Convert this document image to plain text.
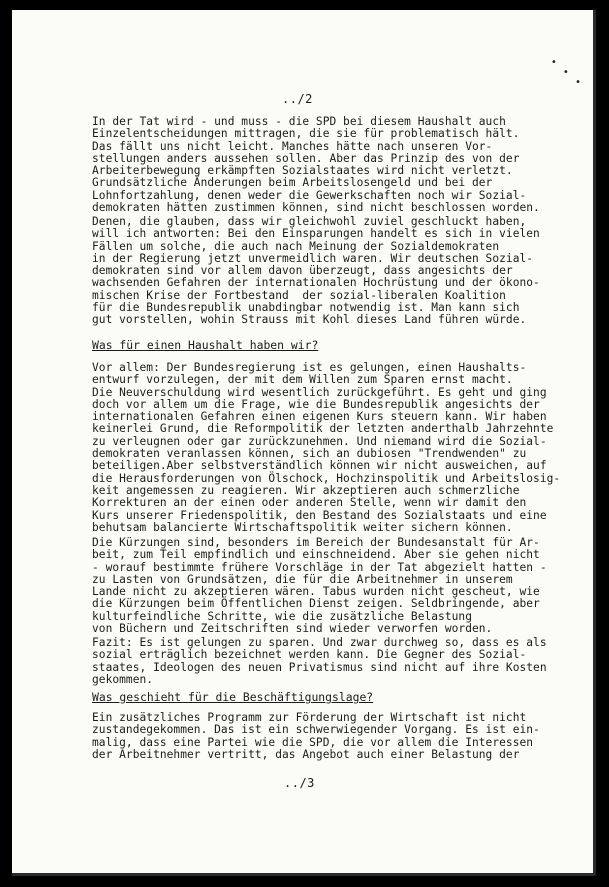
•
•
•
../2
In der Tat wird - und muss - die SPD bei diesem Haushalt auch
Einzelentscheidungen mittragen, die sie für problematisch hält.
Das fällt uns nicht leicht. Manches hätte nach unseren Vor-
stellungen anders aussehen sollen. Aber das Prinzip des von der
Arbeiterbewegung erkämpften Sozialstaates wird nicht verletzt.
Grundsätzliche Änderungen beim Arbeitslosengeld und bei der
Lohnfortzahlung, denen weder die Gewerkschaften noch wir Sozial-
demokraten hätten zustimmen können, sind nicht beschlossen worden.
Denen, die glauben, dass wir gleichwohl zuviel geschluckt haben,
will ich antworten: Bei den Einsparungen handelt es sich in vielen
Fällen um solche, die auch nach Meinung der Sozialdemokraten
in der Regierung jetzt unvermeidlich waren. Wir deutschen Sozial-
demokraten sind vor allem davon überzeugt, dass angesichts der
wachsenden Gefahren der internationalen Hochrüstung und der ökono-
mischen Krise der Fortbestand  der sozial-liberalen Koalition
für die Bundesrepublik unabdingbar notwendig ist. Man kann sich
gut vorstellen, wohin Strauss mit Kohl dieses Land führen würde.
Was für einen Haushalt haben wir?
Vor allem: Der Bundesregierung ist es gelungen, einen Haushalts-
entwurf vorzulegen, der mit dem Willen zum Sparen ernst macht.
Die Neuverschuldung wird wesentlich zurückgeführt. Es geht und ging
doch vor allem um die Frage, wie die Bundesrepublik angesichts der
internationalen Gefahren einen eigenen Kurs steuern kann. Wir haben
keinerlei Grund, die Reformpolitik der letzten anderthalb Jahrzehnte
zu verleugnen oder gar zurückzunehmen. Und niemand wird die Sozial-
demokraten veranlassen können, sich an dubiosen "Trendwenden" zu
beteiligen.Aber selbstverständlich können wir nicht ausweichen, auf
die Herausforderungen von Ölschock, Hochzinspolitik und Arbeitslosig-
keit angemessen zu reagieren. Wir akzeptieren auch schmerzliche
Korrekturen an der einen oder anderen Stelle, wenn wir damit den
Kurs unserer Friedenspolitik, den Bestand des Sozialstaats und eine
behutsam balancierte Wirtschaftspolitik weiter sichern können.
Die Kürzungen sind, besonders im Bereich der Bundesanstalt für Ar-
beit, zum Teil empfindlich und einschneidend. Aber sie gehen nicht
- worauf bestimmte frühere Vorschläge in der Tat abgezielt hatten -
zu Lasten von Grundsätzen, die für die Arbeitnehmer in unserem
Lande nicht zu akzeptieren wären. Tabus wurden nicht gescheut, wie
die Kürzungen beim Öffentlichen Dienst zeigen. Seldbringende, aber
kulturfeindliche Schritte, wie die zusätzliche Belastung
von Büchern und Zeitschriften sind wieder verworfen worden.
Fazit: Es ist gelungen zu sparen. Und zwar durchweg so, dass es als
sozial erträglich bezeichnet werden kann. Die Gegner des Sozial-
staates, Ideologen des neuen Privatismus sind nicht auf ihre Kosten
gekommen.
Was geschieht für die Beschäftigungslage?
Ein zusätzliches Programm zur Förderung der Wirtschaft ist nicht
zustandegekommen. Das ist ein schwerwiegender Vorgang. Es ist ein-
malig, dass eine Partei wie die SPD, die vor allem die Interessen
der Arbeitnehmer vertritt, das Angebot auch einer Belastung der
../3
